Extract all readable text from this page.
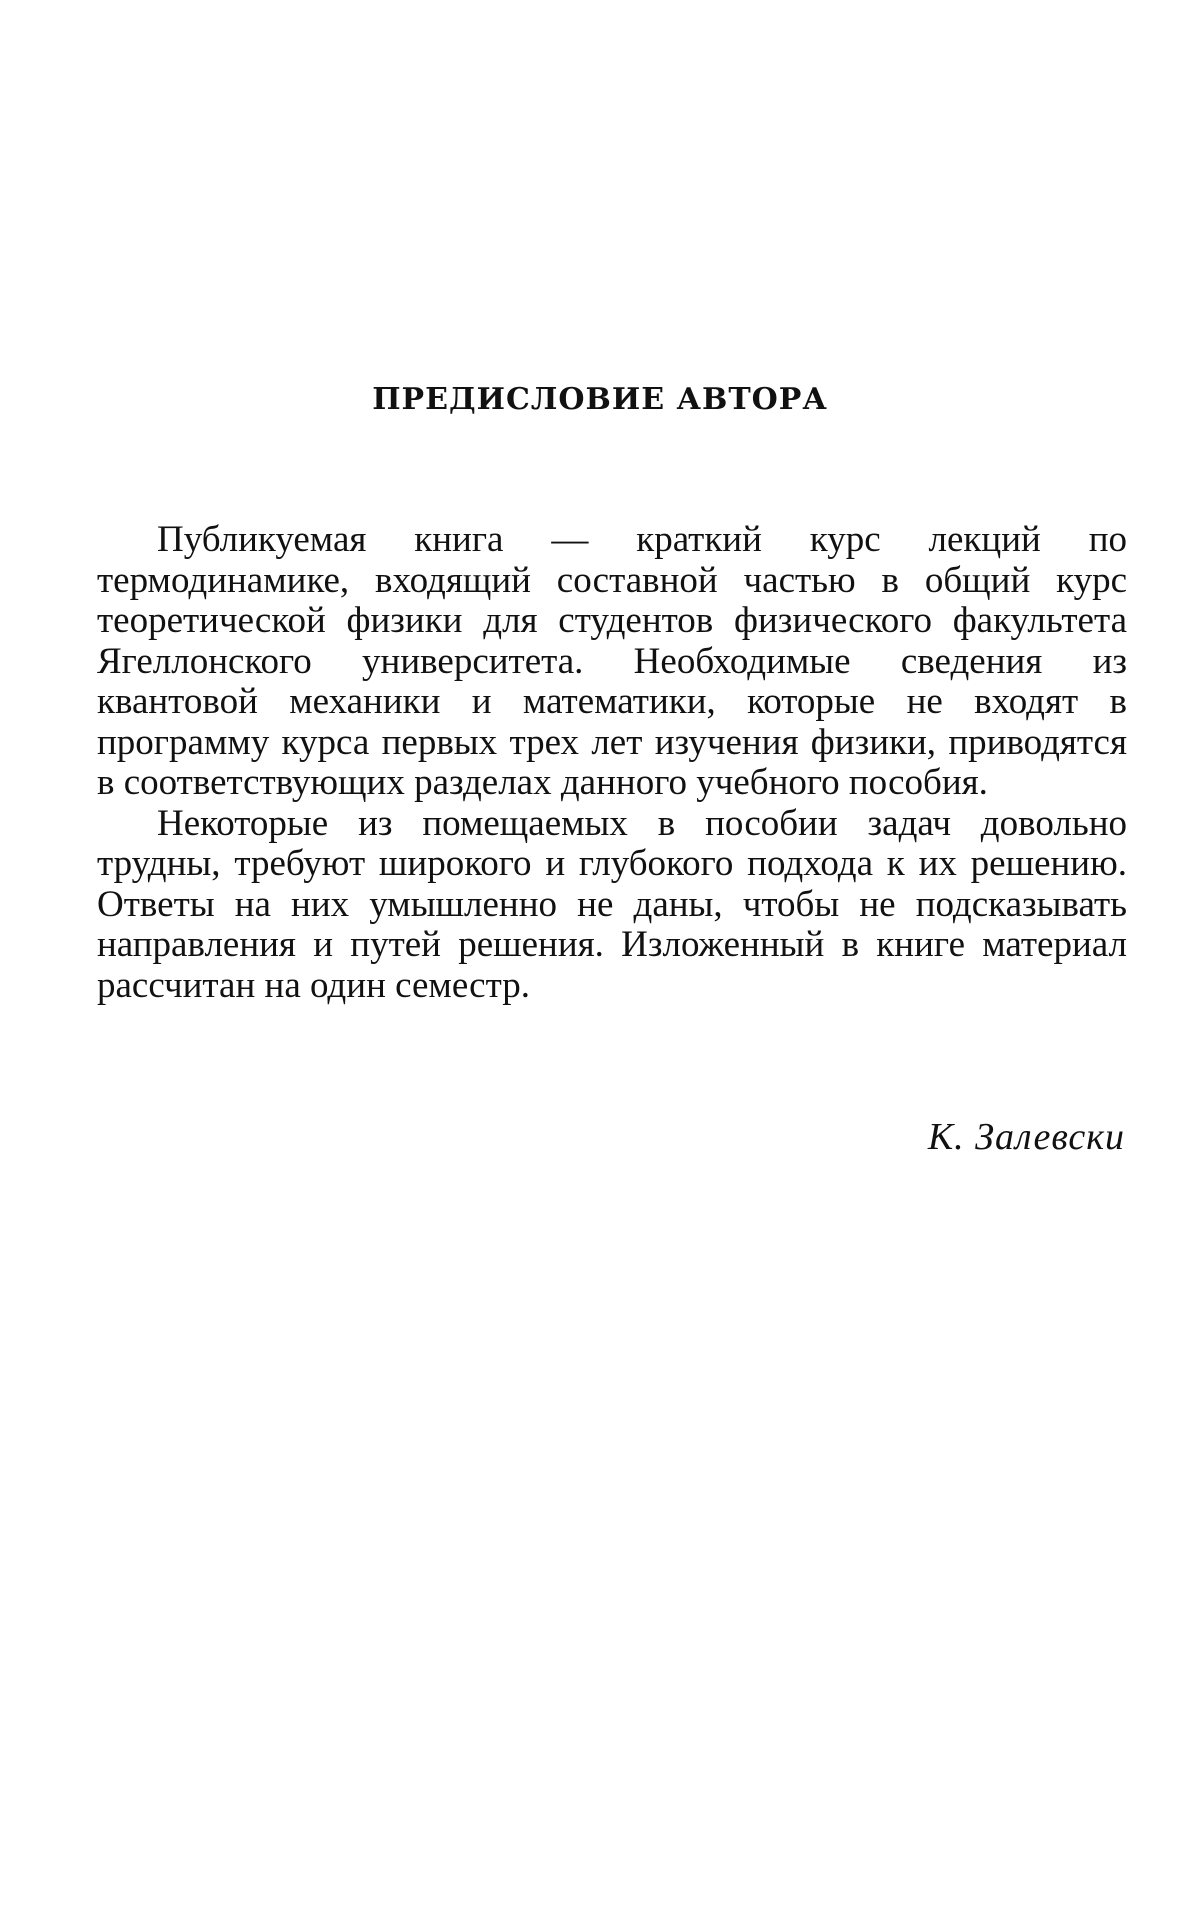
ПРЕДИСЛОВИЕ АВТОРА

Публикуемая книга — краткий курс лекций по термодинамике, входящий составной частью в общий курс теоретической физики для студентов физического факультета Ягеллонского университета. Необходимые сведения из квантовой механики и математики, которые не входят в программу курса первых трех лет изучения физики, приводятся в соответствующих разделах данного учебного пособия.

Некоторые из помещаемых в пособии задач довольно трудны, требуют широкого и глубокого подхода к их решению. Ответы на них умышленно не даны, чтобы не подсказывать направления и путей решения. Изложенный в книге материал рассчитан на один семестр.

К. Залевски
